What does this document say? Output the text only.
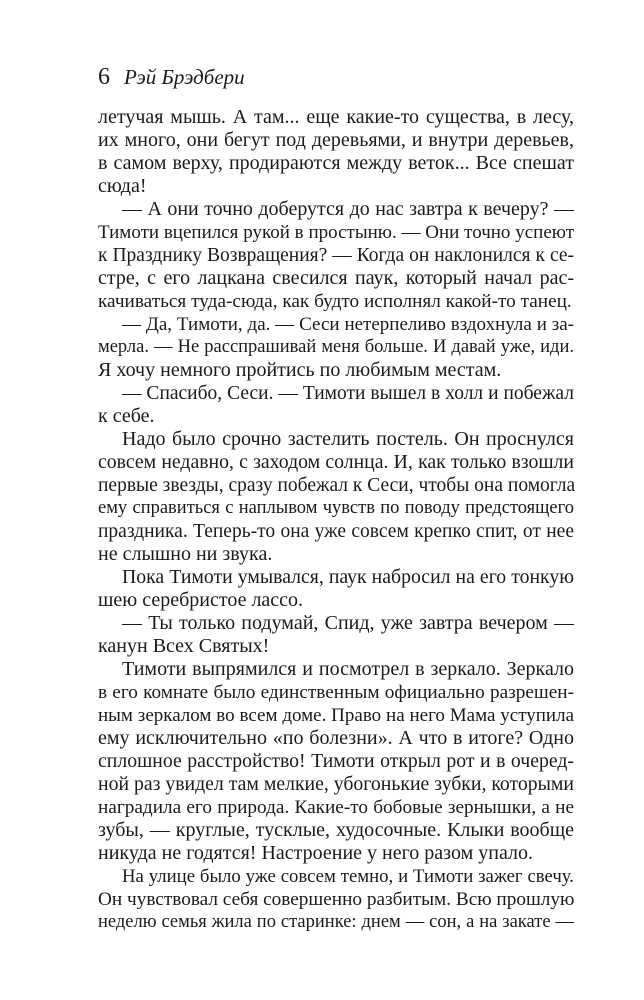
6 Рэй Брэдбери
летучая мышь. А там... еще какие-то существа, в лесу,
их много, они бегут под деревьями, и внутри деревьев,
в самом верху, продираются между веток... Все спешат
сюда!
— А они точно доберутся до нас завтра к вечеру? —
Тимоти вцепился рукой в простыню. — Они точно успеют
к Празднику Возвращения? — Когда он наклонился к се-
стре, с его лацкана свесился паук, который начал рас-
качиваться туда-сюда, как будто исполнял какой-то танец.
— Да, Тимоти, да. — Сеси нетерпеливо вздохнула и за-
мерла. — Не расспрашивай меня больше. И давай уже, иди.
Я хочу немного пройтись по любимым местам.
— Спасибо, Сеси. — Тимоти вышел в холл и побежал
к себе.
Надо было срочно застелить постель. Он проснулся
совсем недавно, с заходом солнца. И, как только взошли
первые звезды, сразу побежал к Сеси, чтобы она помогла
ему справиться с наплывом чувств по поводу предстоящего
праздника. Теперь-то она уже совсем крепко спит, от нее
не слышно ни звука.
Пока Тимоти умывался, паук набросил на его тонкую
шею серебристое лассо.
— Ты только подумай, Спид, уже завтра вечером —
канун Всех Святых!
Тимоти выпрямился и посмотрел в зеркало. Зеркало
в его комнате было единственным официально разрешен-
ным зеркалом во всем доме. Право на него Мама уступила
ему исключительно «по болезни». А что в итоге? Одно
сплошное расстройство! Тимоти открыл рот и в очеред-
ной раз увидел там мелкие, убогонькие зубки, которыми
наградила его природа. Какие-то бобовые зернышки, а не
зубы, — круглые, тусклые, худосочные. Клыки вообще
никуда не годятся! Настроение у него разом упало.
На улице было уже совсем темно, и Тимоти зажег свечу.
Он чувствовал себя совершенно разбитым. Всю прошлую
неделю семья жила по старинке: днем — сон, а на закате —
